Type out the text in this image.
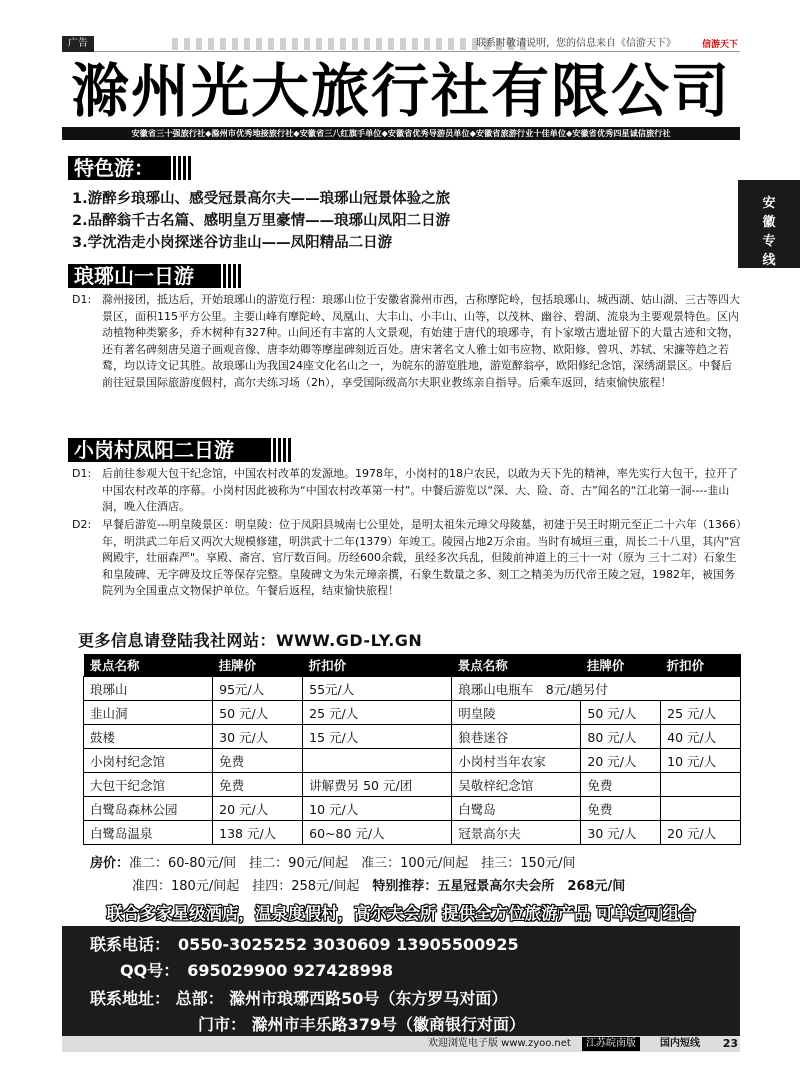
广告	联系时敬请说明，您的信息来自《信游天下》	信游天下
滁州光大旅行社有限公司
安徽省三十强旅行社◆滁州市优秀地接旅行社◆安徽省三八红旗手单位◆安徽省优秀导游员单位◆安徽省旅游行业十佳单位◆安徽省优秀四星诚信旅行社
安徽专线
特色游：
1.游醉乡琅琊山、感受冠景高尔夫——琅琊山冠景体验之旅
2.品醉翁千古名篇、感明皇万里豪情——琅琊山凤阳二日游
3.学沈浩走小岗探迷谷访韭山——凤阳精品二日游
琅琊山一日游
D1: 滁州接团，抵达后，开始琅琊山的游览行程：琅琊山位于安徽省滁州市西，古称摩陀岭，包括琅琊山、城西湖、姑山湖、三古等四大景区，面积115平方公里。主要山峰有摩陀岭、凤凰山、大丰山、小丰山、山等，以茂林、幽谷、碧湖、流泉为主要观景特色。区内动植物种类繁多，乔木树种有327种。山间还有丰富的人文景观，有始建于唐代的琅琊寺，有卜家墩古遗址留下的大量古迹和文物，还有著名碑刻唐吴道子画观音像、唐李幼卿等摩崖碑刻近百处。唐宋著名文人雅士如韦应物、欧阳修、曾巩、苏轼、宋濂等趋之若鹜，均以诗文记其胜。故琅琊山为我国24座文化名山之一，为皖东的游览胜地，游览醉翁亭，欧阳修纪念馆，深绣湖景区。中餐后前往冠景国际旅游度假村，高尔夫练习场（2h），享受国际级高尔夫职业教练亲自指导。后乘车返回，结束愉快旅程！
小岗村凤阳二日游
D1: 后前往参观大包干纪念馆，中国农村改革的发源地。1978年，小岗村的18户农民，以敢为天下先的精神，率先实行大包干，拉开了中国农村改革的序幕。小岗村因此被称为“中国农村改革第一村”。中餐后游览以“深、大、险、奇、古”闻名的“江北第一洞----韭山洞，晚入住酒店。
D2: 早餐后游览---明皇陵景区：明皇陵：位于凤阳县城南七公里处，是明太祖朱元璋父母陵墓，初建于吴王时期元至正二十六年（1366）年，明洪武二年后又两次大规模修建，明洪武十二年(1379）年竣工。陵园占地2万余亩。当时有城垣三重，周长二十八里，其内"宫阙殿宇，壮丽森严"。享殿、斋宫、官厅数百间。历经600余载，虽经多次兵乱，但陵前神道上的三十一对（原为 三十二对）石象生和皇陵碑、无字碑及坟丘等保存完整。皇陵碑文为朱元璋亲撰，石象生数量之多、刻工之精美为历代帝王陵之冠，1982年，被国务院列为全国重点文物保护单位。午餐后返程，结束愉快旅程！
更多信息请登陆我社网站：WWW.GD-LY.GN
景点名称	挂牌价	折扣价	景点名称	挂牌价	折扣价
琅琊山	95元/人	55元/人	琅琊山电瓶车　8元/趟另付		
韭山洞	50 元/人	25 元/人	明皇陵	50 元/人	25 元/人
鼓楼	30 元/人	15 元/人	狼巷迷谷	80 元/人	40 元/人
小岗村纪念馆	免费		小岗村当年农家	20 元/人	10 元/人
大包干纪念馆	免费	讲解费另 50 元/团	吴敬梓纪念馆	免费	
白鹭岛森林公园	20 元/人	10 元/人	白鹭岛	免费	
白鹭岛温泉	138 元/人	60~80 元/人	冠景高尔夫	30 元/人	20 元/人
房价：准二：60-80元/间　挂二：90元/间起　准三：100元/间起　挂三：150元/间
准四：180元/间起　挂四：258元/间起　 特别推荐：五星冠景高尔夫会所　268元/间
联合多家星级酒店，温泉度假村，高尔夫会所 提供全方位旅游产品 可单定可组合
联系电话：　0550-3025252 3030609 13905500925
QQ号：　695029900 927428998
联系地址： 总部： 滁州市琅琊西路50号（东方罗马对面）
门市： 滁州市丰乐路379号（徽商银行对面）
欢迎浏览电子版 www.zyoo.net	江苏皖南版	国内短线 23
